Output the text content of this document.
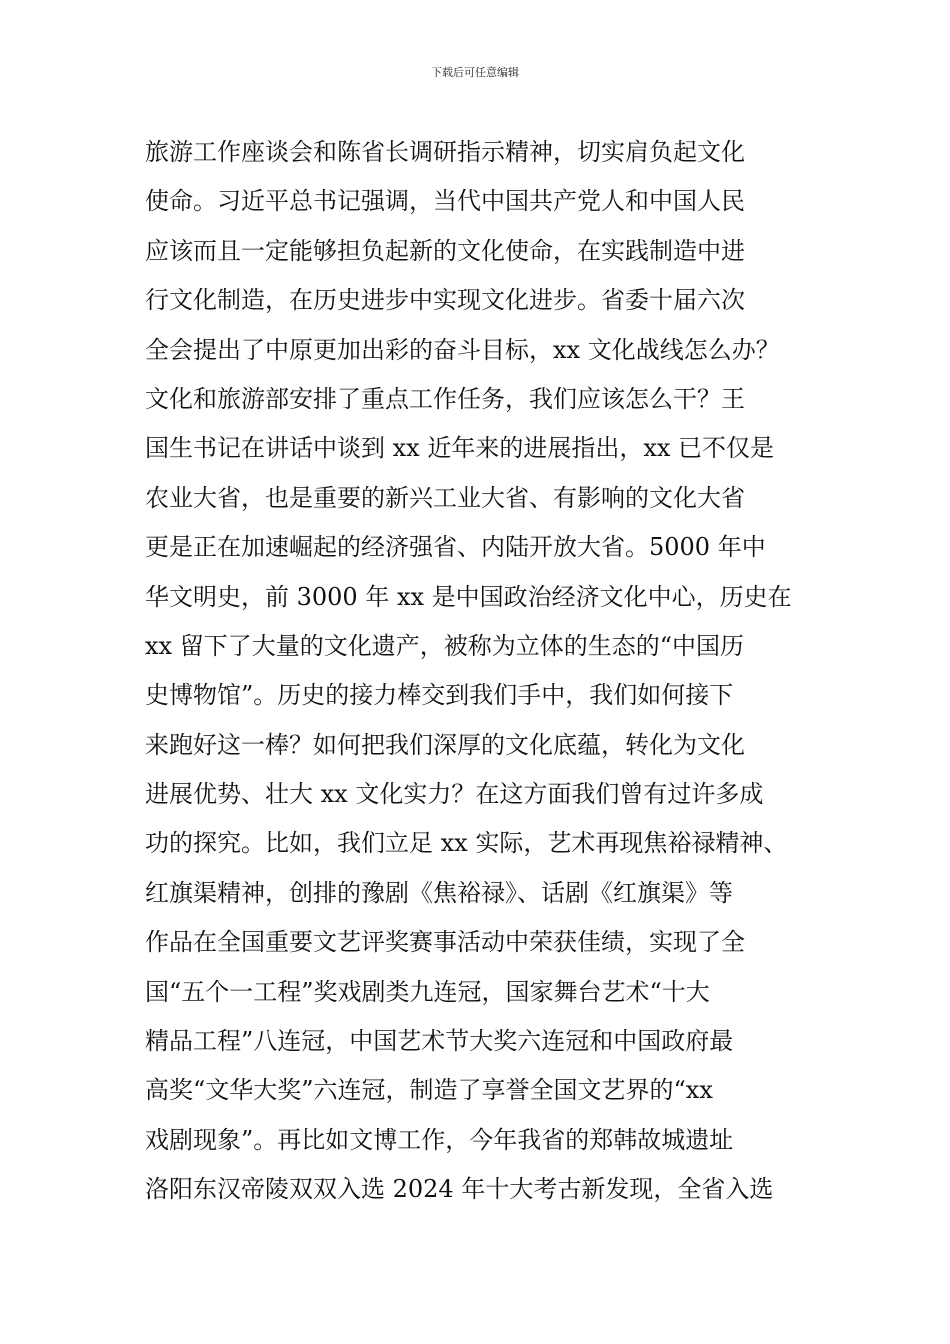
下载后可任意编辑
旅游工作座谈会和陈省长调研指示精神，切实肩负起文化
使命。习近平总书记强调，当代中国共产党人和中国人民
应该而且一定能够担负起新的文化使命，在实践制造中进
行文化制造，在历史进步中实现文化进步。省委十届六次
全会提出了中原更加出彩的奋斗目标，xx 文化战线怎么办？
文化和旅游部安排了重点工作任务，我们应该怎么干？王
国生书记在讲话中谈到 xx 近年来的进展指出，xx 已不仅是
农业大省，也是重要的新兴工业大省、有影响的文化大省
更是正在加速崛起的经济强省、内陆开放大省。5000 年中
华文明史，前 3000 年 xx 是中国政治经济文化中心，历史在
xx 留下了大量的文化遗产，被称为立体的生态的“中国历
史博物馆”。历史的接力棒交到我们手中，我们如何接下
来跑好这一棒？如何把我们深厚的文化底蕴，转化为文化
进展优势、壮大 xx 文化实力？在这方面我们曾有过许多成
功的探究。比如，我们立足 xx 实际，艺术再现焦裕禄精神、
红旗渠精神，创排的豫剧《焦裕禄》、话剧《红旗渠》等
作品在全国重要文艺评奖赛事活动中荣获佳绩，实现了全
国“五个一工程”奖戏剧类九连冠，国家舞台艺术“十大
精品工程”八连冠，中国艺术节大奖六连冠和中国政府最
高奖“文华大奖”六连冠，制造了享誉全国文艺界的“xx
戏剧现象”。再比如文博工作，今年我省的郑韩故城遗址
洛阳东汉帝陵双双入选 2024 年十大考古新发现，全省入选
